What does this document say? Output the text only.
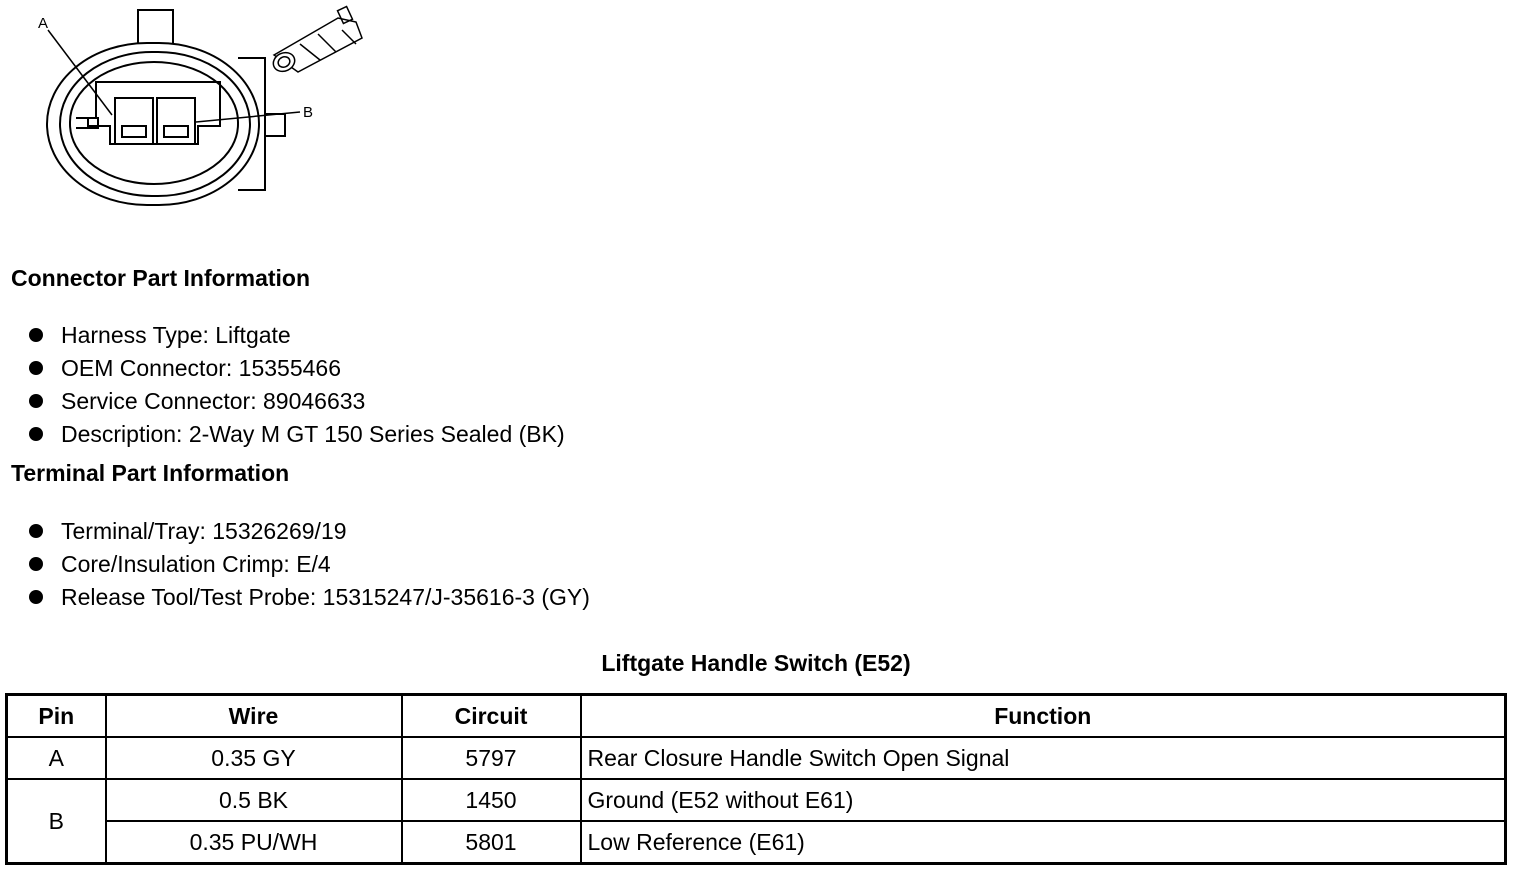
A
B
Connector Part Information
Harness Type: Liftgate
OEM Connector: 15355466
Service Connector: 89046633
Description: 2-Way M GT 150 Series Sealed (BK)
Terminal Part Information
Terminal/Tray: 15326269/19
Core/Insulation Crimp: E/4
Release Tool/Test Probe: 15315247/J-35616-3 (GY)
Liftgate Handle Switch (E52)
Pin	Wire	Circuit	Function
A	0.35 GY	5797	Rear Closure Handle Switch Open Signal
B	0.5 BK	1450	Ground (E52 without E61)
	0.35 PU/WH	5801	Low Reference (E61)
